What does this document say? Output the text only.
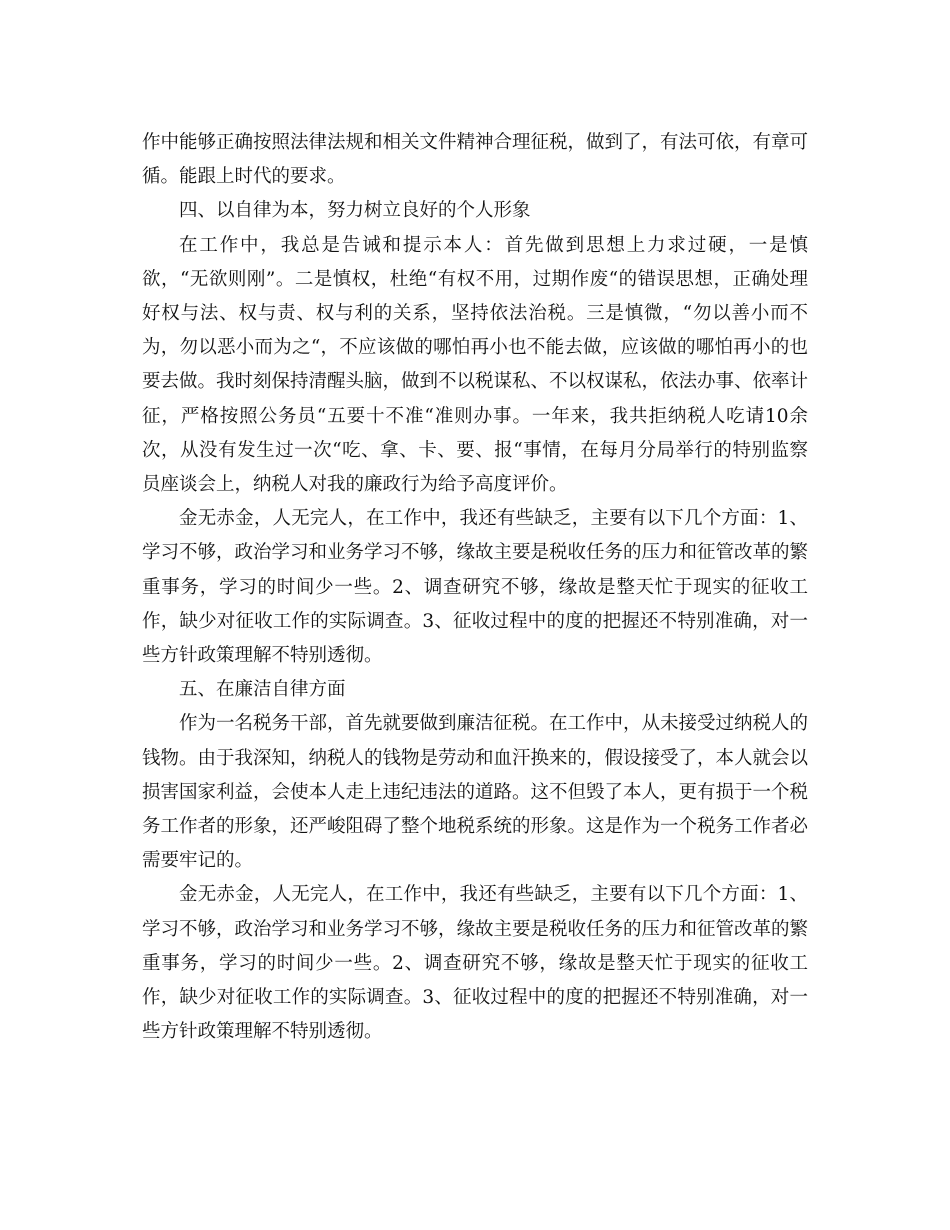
作中能够正确按照法律法规和相关文件精神合理征税，做到了，有法可依，有章可循。能跟上时代的要求。

四、以自律为本，努力树立良好的个人形象

在工作中，我总是告诫和提示本人：首先做到思想上力求过硬，一是慎欲，“无欲则刚”。二是慎权，杜绝“有权不用，过期作废“的错误思想，正确处理好权与法、权与责、权与利的关系，坚持依法治税。三是慎微，“勿以善小而不为，勿以恶小而为之“，不应该做的哪怕再小也不能去做，应该做的哪怕再小的也要去做。我时刻保持清醒头脑，做到不以税谋私、不以权谋私，依法办事、依率计征，严格按照公务员“五要十不准“准则办事。一年来，我共拒纳税人吃请10余次，从没有发生过一次“吃、拿、卡、要、报“事情，在每月分局举行的特别监察员座谈会上，纳税人对我的廉政行为给予高度评价。

金无赤金，人无完人，在工作中，我还有些缺乏，主要有以下几个方面：1、学习不够，政治学习和业务学习不够，缘故主要是税收任务的压力和征管改革的繁重事务，学习的时间少一些。2、调查研究不够，缘故是整天忙于现实的征收工作，缺少对征收工作的实际调查。3、征收过程中的度的把握还不特别准确，对一些方针政策理解不特别透彻。

五、在廉洁自律方面

作为一名税务干部，首先就要做到廉洁征税。在工作中，从未接受过纳税人的钱物。由于我深知，纳税人的钱物是劳动和血汗换来的，假设接受了，本人就会以损害国家利益，会使本人走上违纪违法的道路。这不但毁了本人，更有损于一个税务工作者的形象，还严峻阻碍了整个地税系统的形象。这是作为一个税务工作者必需要牢记的。

金无赤金，人无完人，在工作中，我还有些缺乏，主要有以下几个方面：1、学习不够，政治学习和业务学习不够，缘故主要是税收任务的压力和征管改革的繁重事务，学习的时间少一些。2、调查研究不够，缘故是整天忙于现实的征收工作，缺少对征收工作的实际调查。3、征收过程中的度的把握还不特别准确，对一些方针政策理解不特别透彻。
